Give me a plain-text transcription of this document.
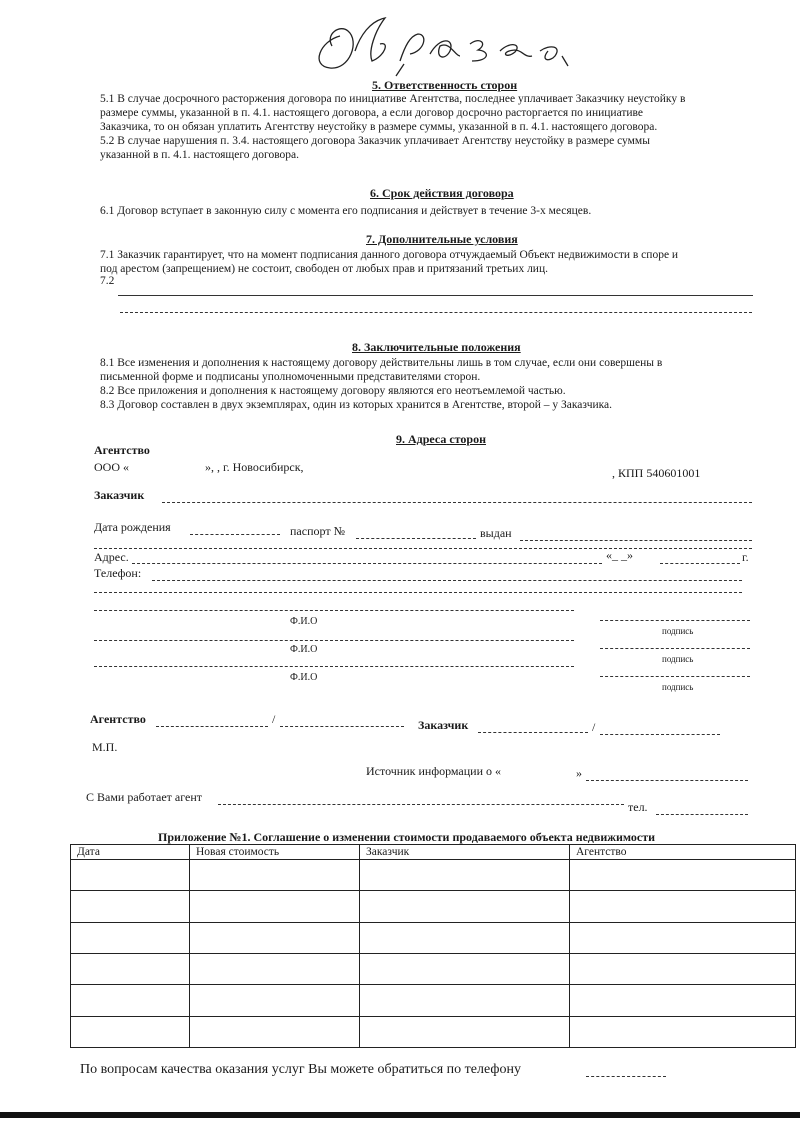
5. Ответственность сторон
5.1 В случае досрочного расторжения договора по инициативе Агентства, последнее уплачивает Заказчику неустойку в
размере суммы, указанной в п. 4.1. настоящего договора, а если договор досрочно расторгается по инициативе
Заказчика, то он обязан уплатить Агентству неустойку в размере суммы, указанной в п. 4.1. настоящего договора.
5.2 В случае нарушения п. 3.4. настоящего договора Заказчик уплачивает Агентству неустойку в размере суммы
указанной в п. 4.1. настоящего договора.
6. Срок действия договора
6.1 Договор вступает в законную силу с момента его подписания и действует в течение 3-х месяцев.
7. Дополнительные условия
7.1 Заказчик гарантирует, что на момент подписания данного договора отчуждаемый Объект недвижимости в споре и
под арестом (запрещением) не состоит, свободен от любых прав и притязаний третьих лиц.
7.2
8. Заключительные положения
8.1 Все изменения и дополнения к настоящему договору действительны лишь в том случае, если они совершены в
письменной форме и подписаны уполномоченными представителями сторон.
8.2 Все приложения и дополнения к настоящему договору являются его неотъемлемой частью.
8.3 Договор составлен в двух экземплярах, один из которых хранится в Агентстве, второй – у Заказчика.
9. Адреса сторон
Агентство
ООО «	», , г. Новосибирск,	, КПП 540601001
Заказчик
Дата рождения	паспорт №	выдан
Адрес.	«_ _»	г.
Телефон:
Ф.И.О
подпись
Ф.И.О
подпись
Ф.И.О
подпись
Агентство	/	Заказчик	/
М.П.
Источник информации о «	»
С Вами работает агент
тел.
Приложение №1. Соглашение о изменении стоимости продаваемого объекта недвижимости
Дата	Новая стоимость	Заказчик	Агентство

По вопросам качества оказания услуг Вы можете обратиться по телефону
